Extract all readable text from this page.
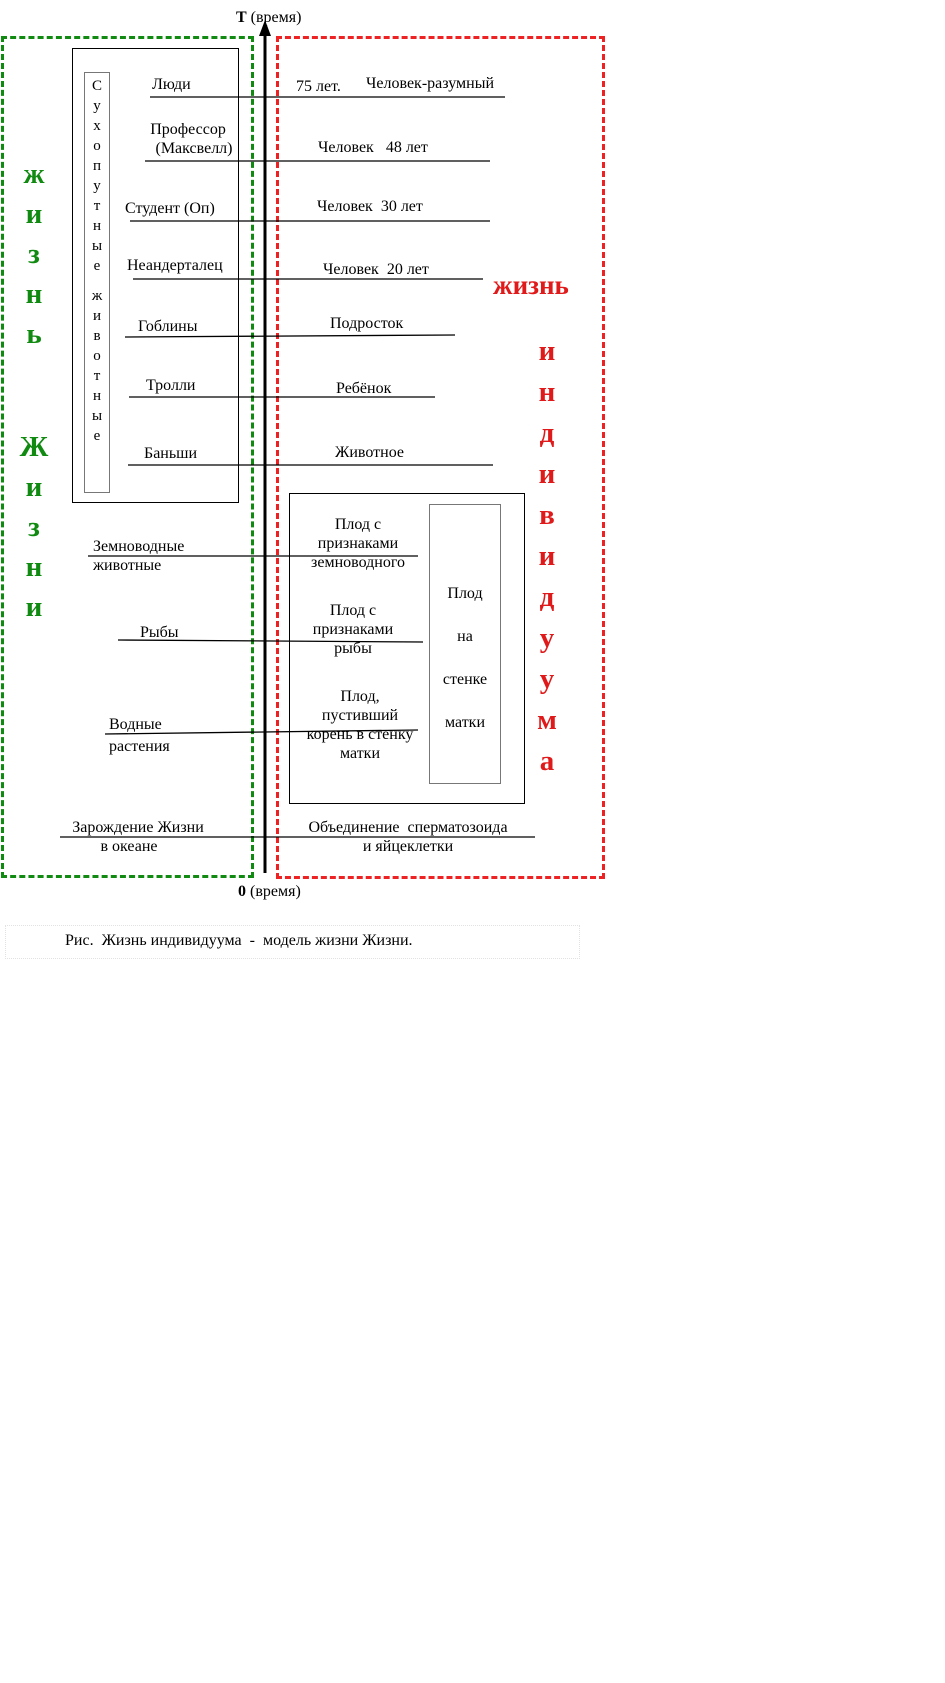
T (время)
0 (время)
ж
и
з
н
ь
Ж
и
з
н
и
С
у
х
о
п
у
т
н
ы
е
ж
и
в
о
т
н
ы
е
Люди
Профессор
(Максвелл)
Студент (Оп)
Неандерталец
Гоблины
Тролли
Баньши
Земноводные
животные
Рыбы
Водные
растения
Зарождение Жизни
в океане
75 лет. Человек-разумный
Человек   48 лет
Человек  30 лет
Человек  20 лет
Подросток
Ребёнок
Животное
Плод с
признаками
земноводного
Плод с
признаками
рыбы
Плод,
пустивший
корень в стенку
матки
Плод
на
стенке
матки
Объединение  сперматозоида
и яйцеклетки
жизнь
и
н
д
и
в
и
д
у
у
м
а
Рис.  Жизнь индивидуума  -  модель жизни Жизни.
